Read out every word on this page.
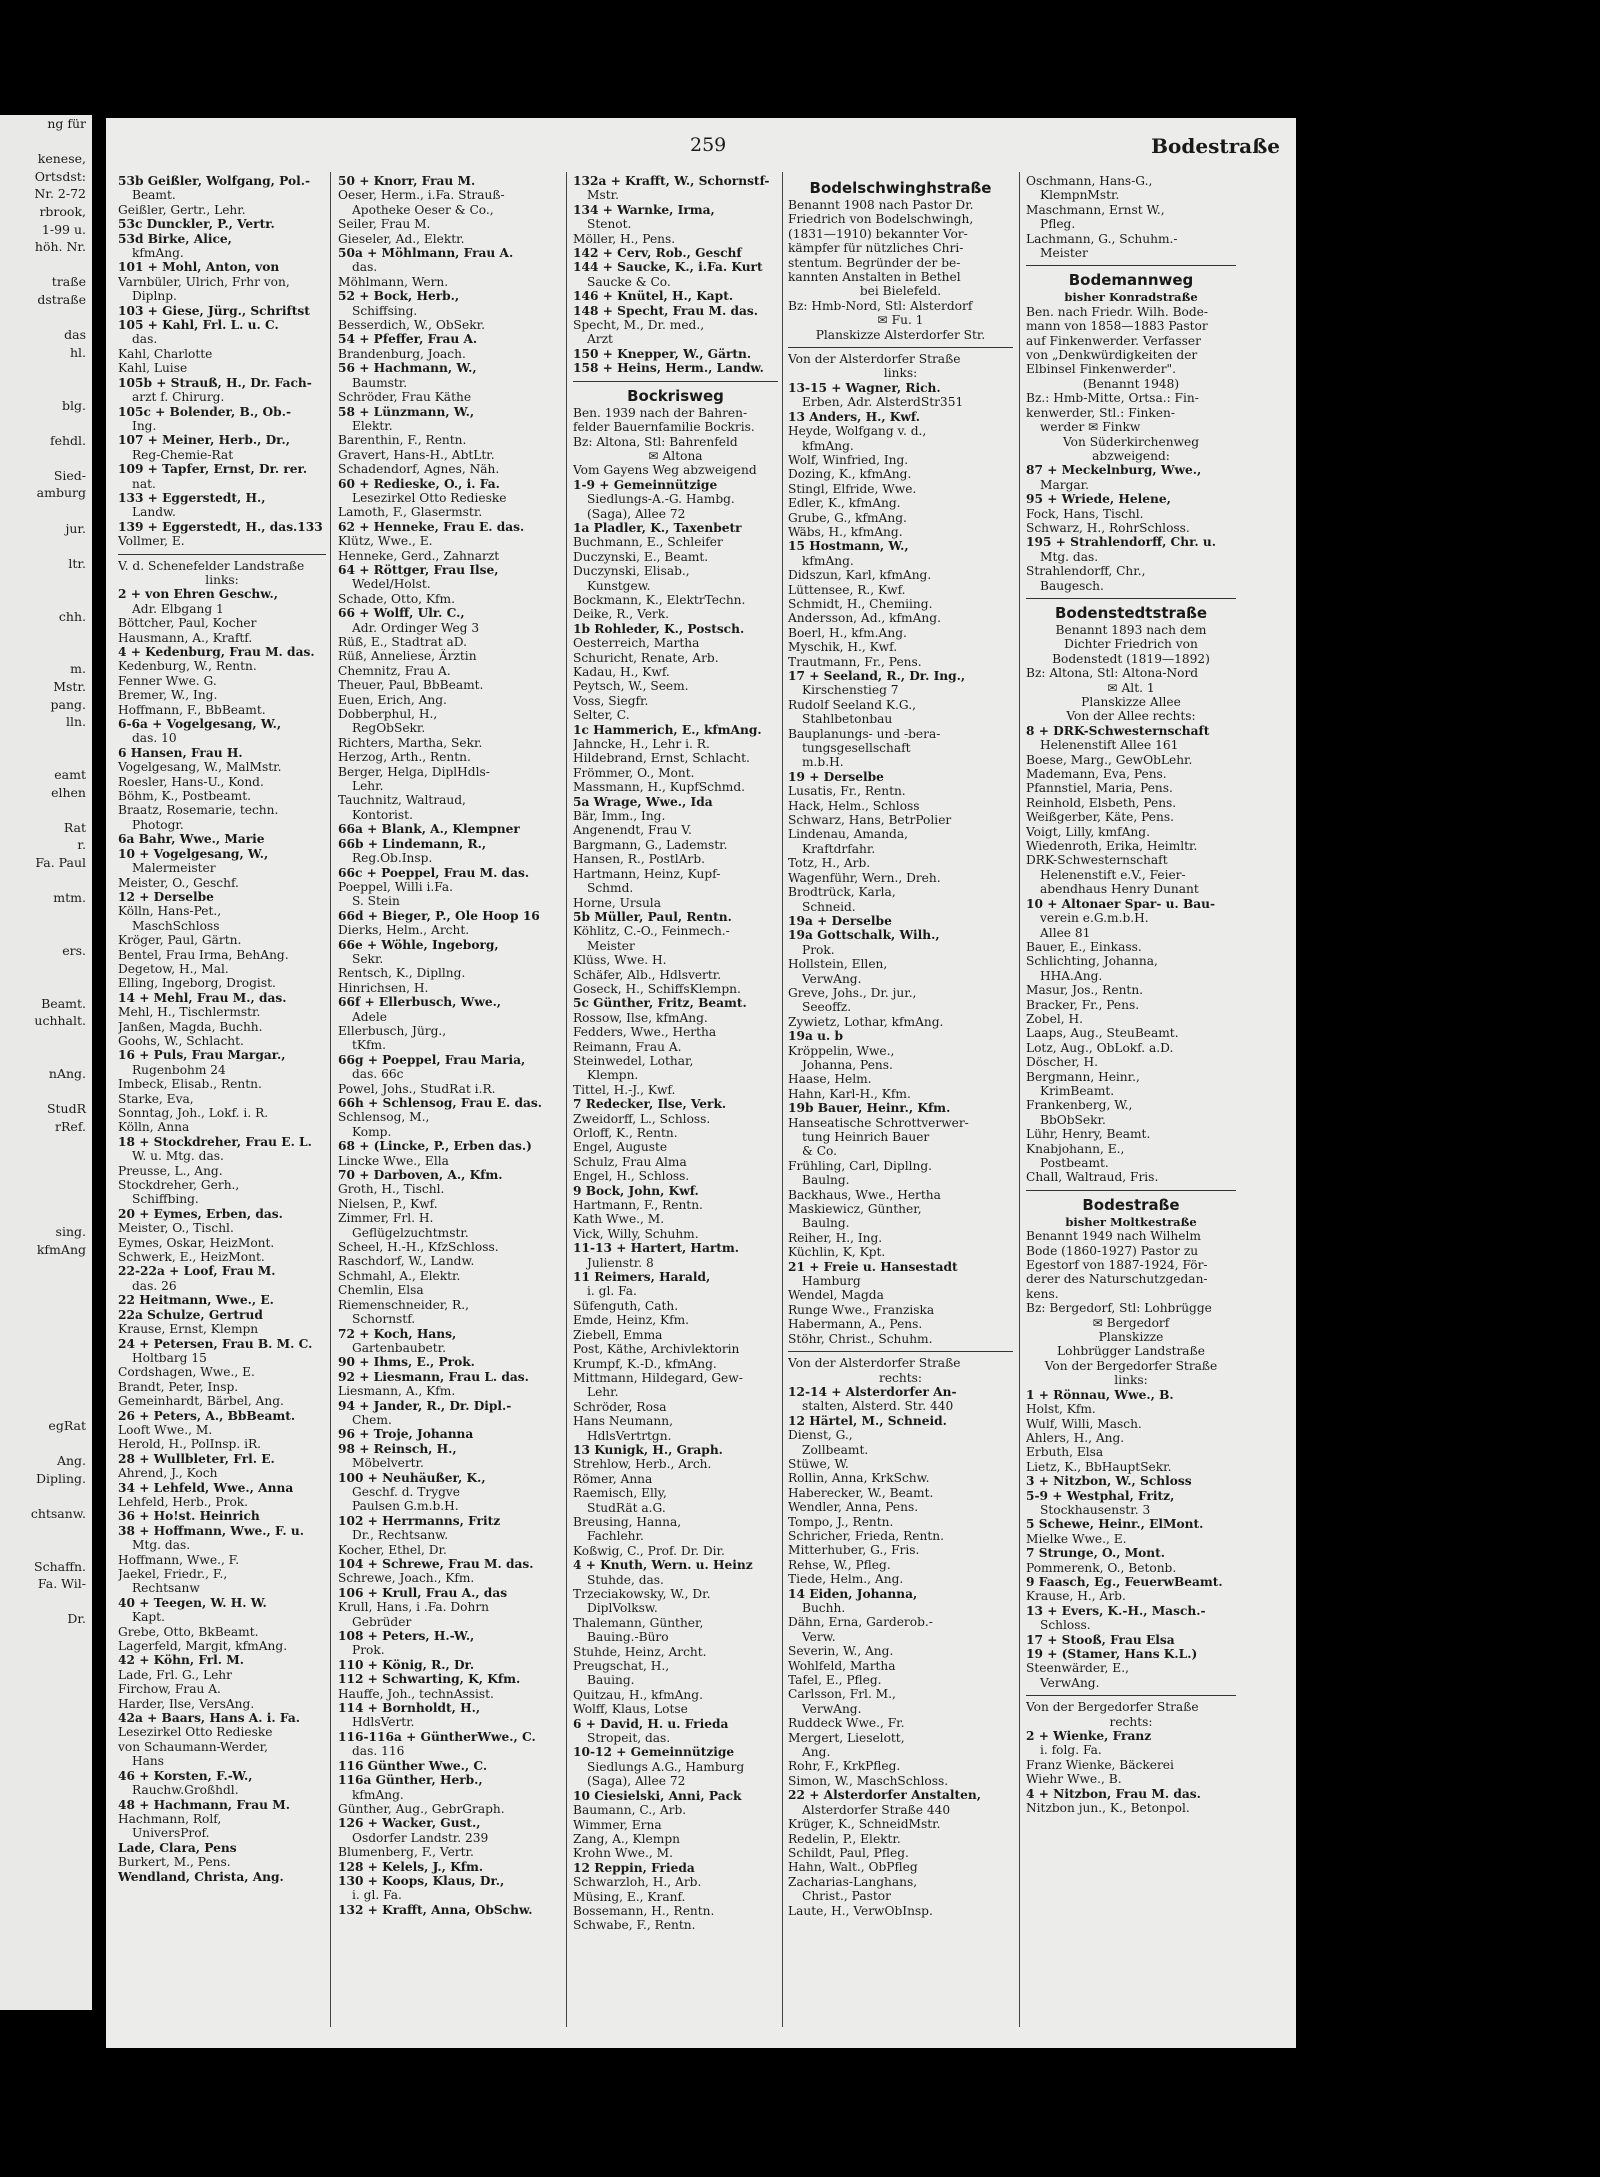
ng für

kenese,
Ortsdst:
Nr. 2-72
rbrook,
1-99 u.
höh. Nr.

traße
dstraße

das
hl.

blg.

fehdl.

Sied-
amburg

jur.

ltr.

chh.

m.
Mstr.
pang.
lln.

eamt
elhen

Rat
r.
Fa. Paul

mtm.

ers.

Beamt.
uchhalt.

nAng.

StudR
rRef.

sing.
kfmAng

egRat

Ang.
Dipling.

chtsanw.

Schaffn.
Fa. Wil-

Dr.
259	Bodestraße
53b Geißler, Wolfgang, Pol.-
Beamt.
Geißler, Gertr., Lehr.
53c Dunckler, P., Vertr.
53d Birke, Alice,
kfmAng.
101 + Mohl, Anton, von
Varnbüler, Ulrich, Frhr von,
Diplnp.
103 + Giese, Jürg., Schriftst
105 + Kahl, Frl. L. u. C.
das.
Kahl, Charlotte
Kahl, Luise
105b + Strauß, H., Dr. Fach-
arzt f. Chirurg.
105c + Bolender, B., Ob.-
Ing.
107 + Meiner, Herb., Dr.,
Reg-Chemie-Rat
109 + Tapfer, Ernst, Dr. rer.
nat.
133 + Eggerstedt, H.,
Landw.
139 + Eggerstedt, H., das.133
Vollmer, E.
V. d. Schenefelder Landstraße
links:
2 + von Ehren Geschw.,
Adr. Elbgang 1
Böttcher, Paul, Kocher
Hausmann, A., Kraftf.
4 + Kedenburg, Frau M. das.
Kedenburg, W., Rentn.
Fenner Wwe. G.
Bremer, W., Ing.
Hoffmann, F., BbBeamt.
6-6a + Vogelgesang, W.,
das. 10
6 Hansen, Frau H.
Vogelgesang, W., MalMstr.
Roesler, Hans-U., Kond.
Böhm, K., Postbeamt.
Braatz, Rosemarie, techn.
Photogr.
6a Bahr, Wwe., Marie
10 + Vogelgesang, W.,
Malermeister
Meister, O., Geschf.
12 + Derselbe
Kölln, Hans-Pet.,
MaschSchloss
Kröger, Paul, Gärtn.
Bentel, Frau Irma, BehAng.
Degetow, H., Mal.
Elling, Ingeborg, Drogist.
14 + Mehl, Frau M., das.
Mehl, H., Tischlermstr.
Janßen, Magda, Buchh.
Goohs, W., Schlacht.
16 + Puls, Frau Margar.,
Rugenbohm 24
Imbeck, Elisab., Rentn.
Starke, Eva,
Sonntag, Joh., Lokf. i. R.
Kölln, Anna
18 + Stockdreher, Frau E. L.
W. u. Mtg. das.
Preusse, L., Ang.
Stockdreher, Gerh.,
Schiffbing.
20 + Eymes, Erben, das.
Meister, O., Tischl.
Eymes, Oskar, HeizMont.
Schwerk, E., HeizMont.
22-22a + Loof, Frau M.
das. 26
22 Heitmann, Wwe., E.
22a Schulze, Gertrud
Krause, Ernst, Klempn
24 + Petersen, Frau B. M. C.
Holtbarg 15
Cordshagen, Wwe., E.
Brandt, Peter, Insp.
Gemeinhardt, Bärbel, Ang.
26 + Peters, A., BbBeamt.
Looft Wwe., M.
Herold, H., PolInsp. iR.
28 + Wullbleter, Frl. E.
Ahrend, J., Koch
34 + Lehfeld, Wwe., Anna
Lehfeld, Herb., Prok.
36 + Ho!st. Heinrich
38 + Hoffmann, Wwe., F. u.
Mtg. das.
Hoffmann, Wwe., F.
Jaekel, Friedr., F.,
Rechtsanw
40 + Teegen, W. H. W.
Kapt.
Grebe, Otto, BkBeamt.
Lagerfeld, Margit, kfmAng.
42 + Köhn, Frl. M.
Lade, Frl. G., Lehr
Firchow, Frau A.
Harder, Ilse, VersAng.
42a + Baars, Hans A. i. Fa.
Lesezirkel Otto Redieske
von Schaumann-Werder,
Hans
46 + Korsten, F.-W.,
Rauchw.Großhdl.
48 + Hachmann, Frau M.
Hachmann, Rolf,
UniversProf.
Lade, Clara, Pens
Burkert, M., Pens.
Wendland, Christa, Ang.
50 + Knorr, Frau M.
Oeser, Herm., i.Fa. Strauß-
Apotheke Oeser & Co.,
Seiler, Frau M.
Gieseler, Ad., Elektr.
50a + Möhlmann, Frau A.
das.
Möhlmann, Wern.
52 + Bock, Herb.,
Schiffsing.
Besserdich, W., ObSekr.
54 + Pfeffer, Frau A.
Brandenburg, Joach.
56 + Hachmann, W.,
Baumstr.
Schröder, Frau Käthe
58 + Lünzmann, W.,
Elektr.
Barenthin, F., Rentn.
Gravert, Hans-H., AbtLtr.
Schadendorf, Agnes, Näh.
60 + Redieske, O., i. Fa.
Lesezirkel Otto Redieske
Lamoth, F., Glasermstr.
62 + Henneke, Frau E. das.
Klütz, Wwe., E.
Henneke, Gerd., Zahnarzt
64 + Röttger, Frau Ilse,
Wedel/Holst.
Schade, Otto, Kfm.
66 + Wolff, Ulr. C.,
Adr. Ordinger Weg 3
Rüß, E., Stadtrat aD.
Rüß, Anneliese, Ärztin
Chemnitz, Frau A.
Theuer, Paul, BbBeamt.
Euen, Erich, Ang.
Dobberphul, H.,
RegObSekr.
Richters, Martha, Sekr.
Herzog, Arth., Rentn.
Berger, Helga, DiplHdls-
Lehr.
Tauchnitz, Waltraud,
Kontorist.
66a + Blank, A., Klempner
66b + Lindemann, R.,
Reg.Ob.Insp.
66c + Poeppel, Frau M. das.
Poeppel, Willi i.Fa.
S. Stein
66d + Bieger, P., Ole Hoop 16
Dierks, Helm., Archt.
66e + Wöhle, Ingeborg,
Sekr.
Rentsch, K., Dipllng.
Hinrichsen, H.
66f + Ellerbusch, Wwe.,
Adele
Ellerbusch, Jürg.,
tKfm.
66g + Poeppel, Frau Maria,
das. 66c
Powel, Johs., StudRat i.R.
66h + Schlensog, Frau E. das.
Schlensog, M.,
Komp.
68 + (Lincke, P., Erben das.)
Lincke Wwe., Ella
70 + Darboven, A., Kfm.
Groth, H., Tischl.
Nielsen, P., Kwf.
Zimmer, Frl. H.
Geflügelzuchtmstr.
Scheel, H.-H., KfzSchloss.
Raschdorf, W., Landw.
Schmahl, A., Elektr.
Chemlin, Elsa
Riemenschneider, R.,
Schornstf.
72 + Koch, Hans,
Gartenbaubetr.
90 + Ihms, E., Prok.
92 + Liesmann, Frau L. das.
Liesmann, A., Kfm.
94 + Jander, R., Dr. Dipl.-
Chem.
96 + Troje, Johanna
98 + Reinsch, H.,
Möbelvertr.
100 + Neuhäußer, K.,
Geschf. d. Trygve
Paulsen G.m.b.H.
102 + Herrmanns, Fritz
Dr., Rechtsanw.
Kocher, Ethel, Dr.
104 + Schrewe, Frau M. das.
Schrewe, Joach., Kfm.
106 + Krull, Frau A., das
Krull, Hans, i .Fa. Dohrn
Gebrüder
108 + Peters, H.-W.,
Prok.
110 + König, R., Dr.
112 + Schwarting, K, Kfm.
Hauffe, Joh., technAssist.
114 + Bornholdt, H.,
HdlsVertr.
116-116a + GüntherWwe., C.
das. 116
116 Günther Wwe., C.
116a Günther, Herb.,
kfmAng.
Günther, Aug., GebrGraph.
126 + Wacker, Gust.,
Osdorfer Landstr. 239
Blumenberg, F., Vertr.
128 + Kelels, J., Kfm.
130 + Koops, Klaus, Dr.,
i. gl. Fa.
132 + Krafft, Anna, ObSchw.
132a + Krafft, W., Schornstf-
Mstr.
134 + Warnke, Irma,
Stenot.
Möller, H., Pens.
142 + Cerv, Rob., Geschf
144 + Saucke, K., i.Fa. Kurt
Saucke & Co.
146 + Knütel, H., Kapt.
148 + Specht, Frau M. das.
Specht, M., Dr. med.,
Arzt
150 + Knepper, W., Gärtn.
158 + Heins, Herm., Landw.
Bockrisweg
Ben. 1939 nach der Bahren-
felder Bauernfamilie Bockris.
Bz: Altona, Stl: Bahrenfeld
✉ Altona
Vom Gayens Weg abzweigend
1-9 + Gemeinnützige
Siedlungs-A.-G. Hambg.
(Saga), Allee 72
1a Pladler, K., Taxenbetr
Buchmann, E., Schleifer
Duczynski, E., Beamt.
Duczynski, Elisab.,
Kunstgew.
Bockmann, K., ElektrTechn.
Deike, R., Verk.
1b Rohleder, K., Postsch.
Oesterreich, Martha
Schuricht, Renate, Arb.
Kadau, H., Kwf.
Peytsch, W., Seem.
Voss, Siegfr.
Selter, C.
1c Hammerich, E., kfmAng.
Jahncke, H., Lehr i. R.
Hildebrand, Ernst, Schlacht.
Frömmer, O., Mont.
Massmann, H., KupfSchmd.
5a Wrage, Wwe., Ida
Bär, Imm., Ing.
Angenendt, Frau V.
Bargmann, G., Lademstr.
Hansen, R., PostlArb.
Hartmann, Heinz, Kupf-
Schmd.
Horne, Ursula
5b Müller, Paul, Rentn.
Köhlitz, C.-O., Feinmech.-
Meister
Klüss, Wwe. H.
Schäfer, Alb., Hdlsvertr.
Goseck, H., SchiffsKlempn.
5c Günther, Fritz, Beamt.
Rossow, Ilse, kfmAng.
Fedders, Wwe., Hertha
Reimann, Frau A.
Steinwedel, Lothar,
Klempn.
Tittel, H.-J., Kwf.
7 Redecker, Ilse, Verk.
Zweidorff, L., Schloss.
Orloff, K., Rentn.
Engel, Auguste
Schulz, Frau Alma
Engel, H., Schloss.
9 Bock, John, Kwf.
Hartmann, F., Rentn.
Kath Wwe., M.
Vick, Willy, Schuhm.
11-13 + Hartert, Hartm.
Julienstr. 8
11 Reimers, Harald,
i. gl. Fa.
Süfenguth, Cath.
Emde, Heinz, Kfm.
Ziebell, Emma
Post, Käthe, Archivlektorin
Krumpf, K.-D., kfmAng.
Mittmann, Hildegard, Gew-
Lehr.
Schröder, Rosa
Hans Neumann,
HdlsVertrtgn.
13 Kunigk, H., Graph.
Strehlow, Herb., Arch.
Römer, Anna
Raemisch, Elly,
StudRät a.G.
Breusing, Hanna,
Fachlehr.
Koßwig, C., Prof. Dr. Dir.
4 + Knuth, Wern. u. Heinz
Stuhde, das.
Trzeciakowsky, W., Dr.
DiplVolksw.
Thalemann, Günther,
Bauing.-Büro
Stuhde, Heinz, Archt.
Preugschat, H.,
Bauing.
Quitzau, H., kfmAng.
Wolff, Klaus, Lotse
6 + David, H. u. Frieda
Stropeit, das.
10-12 + Gemeinnützige
Siedlungs A.G., Hamburg
(Saga), Allee 72
10 Ciesielski, Anni, Pack
Baumann, C., Arb.
Wimmer, Erna
Zang, A., Klempn
Krohn Wwe., M.
12 Reppin, Frieda
Schwarzloh, H., Arb.
Müsing, E., Kranf.
Bossemann, H., Rentn.
Schwabe, F., Rentn.
Bodelschwinghstraße
Benannt 1908 nach Pastor Dr.
Friedrich von Bodelschwingh,
(1831—1910) bekannter Vor-
kämpfer für nützliches Chri-
stentum. Begründer der be-
kannten Anstalten in Bethel
bei Bielefeld.
Bz: Hmb-Nord, Stl: Alsterdorf
✉ Fu. 1
Planskizze Alsterdorfer Str.
Von der Alsterdorfer Straße
links:
13-15 + Wagner, Rich.
Erben, Adr. AlsterdStr351
13 Anders, H., Kwf.
Heyde, Wolfgang v. d.,
kfmAng.
Wolf, Winfried, Ing.
Dozing, K., kfmAng.
Stingl, Elfride, Wwe.
Edler, K., kfmAng.
Grube, G., kfmAng.
Wäbs, H., kfmAng.
15 Hostmann, W.,
kfmAng.
Didszun, Karl, kfmAng.
Lüttensee, R., Kwf.
Schmidt, H., Chemiing.
Andersson, Ad., kfmAng.
Boerl, H., kfm.Ang.
Myschik, H., Kwf.
Trautmann, Fr., Pens.
17 + Seeland, R., Dr. Ing.,
Kirschenstieg 7
Rudolf Seeland K.G.,
Stahlbetonbau
Bauplanungs- und -bera-
tungsgesellschaft
m.b.H.
19 + Derselbe
Lusatis, Fr., Rentn.
Hack, Helm., Schloss
Schwarz, Hans, BetrPolier
Lindenau, Amanda,
Kraftdrfahr.
Totz, H., Arb.
Wagenführ, Wern., Dreh.
Brodtrück, Karla,
Schneid.
19a + Derselbe
19a Gottschalk, Wilh.,
Prok.
Hollstein, Ellen,
VerwAng.
Greve, Johs., Dr. jur.,
Seeoffz.
Zywietz, Lothar, kfmAng.
19a u. b
Kröppelin, Wwe.,
Johanna, Pens.
Haase, Helm.
Hahn, Karl-H., Kfm.
19b Bauer, Heinr., Kfm.
Hanseatische Schrottverwer-
tung Heinrich Bauer
& Co.
Frühling, Carl, Dipllng.
Baulng.
Backhaus, Wwe., Hertha
Maskiewicz, Günther,
Baulng.
Reiher, H., Ing.
Küchlin, K, Kpt.
21 + Freie u. Hansestadt
Hamburg
Wendel, Magda
Runge Wwe., Franziska
Habermann, A., Pens.
Stöhr, Christ., Schuhm.
Von der Alsterdorfer Straße
rechts:
12-14 + Alsterdorfer An-
stalten, Alsterd. Str. 440
12 Härtel, M., Schneid.
Dienst, G.,
Zollbeamt.
Stüwe, W.
Rollin, Anna, KrkSchw.
Haberecker, W., Beamt.
Wendler, Anna, Pens.
Tompo, J., Rentn.
Schricher, Frieda, Rentn.
Mitterhuber, G., Fris.
Rehse, W., Pfleg.
Tiede, Helm., Ang.
14 Eiden, Johanna,
Buchh.
Dähn, Erna, Garderob.-
Verw.
Severin, W., Ang.
Wohlfeld, Martha
Tafel, E., Pfleg.
Carlsson, Frl. M.,
VerwAng.
Ruddeck Wwe., Fr.
Mergert, Lieselott,
Ang.
Rohr, F., KrkPfleg.
Simon, W., MaschSchloss.
22 + Alsterdorfer Anstalten,
Alsterdorfer Straße 440
Krüger, K., SchneidMstr.
Redelin, P., Elektr.
Schildt, Paul, Pfleg.
Hahn, Walt., ObPfleg
Zacharias-Langhans,
Christ., Pastor
Laute, H., VerwObInsp.
Oschmann, Hans-G.,
KlempnMstr.
Maschmann, Ernst W.,
Pfleg.
Lachmann, G., Schuhm.-
Meister
Bodemannweg
bisher Konradstraße
Ben. nach Friedr. Wilh. Bode-
mann von 1858—1883 Pastor
auf Finkenwerder. Verfasser
von „Denkwürdigkeiten der
Elbinsel Finkenwerder".
(Benannt 1948)
Bz.: Hmb-Mitte, Ortsa.: Fin-
kenwerder, Stl.: Finken-
werder ✉ Finkw
Von Süderkirchenweg
abzweigend:
87 + Meckelnburg, Wwe.,
Margar.
95 + Wriede, Helene,
Fock, Hans, Tischl.
Schwarz, H., RohrSchloss.
195 + Strahlendorff, Chr. u.
Mtg. das.
Strahlendorff, Chr.,
Baugesch.
Bodenstedtstraße
Benannt 1893 nach dem
Dichter Friedrich von
Bodenstedt (1819—1892)
Bz: Altona, Stl: Altona-Nord
✉ Alt. 1
Planskizze Allee
Von der Allee rechts:
8 + DRK-Schwesternschaft
Helenenstift Allee 161
Boese, Marg., GewObLehr.
Mademann, Eva, Pens.
Pfannstiel, Maria, Pens.
Reinhold, Elsbeth, Pens.
Weißgerber, Käte, Pens.
Voigt, Lilly, kmfAng.
Wiedenroth, Erika, Heimltr.
DRK-Schwesternschaft
Helenenstift e.V., Feier-
abendhaus Henry Dunant
10 + Altonaer Spar- u. Bau-
verein e.G.m.b.H.
Allee 81
Bauer, E., Einkass.
Schlichting, Johanna,
HHA.Ang.
Masur, Jos., Rentn.
Bracker, Fr., Pens.
Zobel, H.
Laaps, Aug., SteuBeamt.
Lotz, Aug., ObLokf. a.D.
Döscher, H.
Bergmann, Heinr.,
KrimBeamt.
Frankenberg, W.,
BbObSekr.
Lühr, Henry, Beamt.
Knabjohann, E.,
Postbeamt.
Chall, Waltraud, Fris.
Bodestraße
bisher Moltkestraße
Benannt 1949 nach Wilhelm
Bode (1860-1927) Pastor zu
Egestorf von 1887-1924, För-
derer des Naturschutzgedan-
kens.
Bz: Bergedorf, Stl: Lohbrügge
✉ Bergedorf
Planskizze
Lohbrügger Landstraße
Von der Bergedorfer Straße
links:
1 + Rönnau, Wwe., B.
Holst, Kfm.
Wulf, Willi, Masch.
Ahlers, H., Ang.
Erbuth, Elsa
Lietz, K., BbHauptSekr.
3 + Nitzbon, W., Schloss
5-9 + Westphal, Fritz,
Stockhausenstr. 3
5 Schewe, Heinr., ElMont.
Mielke Wwe., E.
7 Strunge, O., Mont.
Pommerenk, O., Betonb.
9 Faasch, Eg., FeuerwBeamt.
Krause, H., Arb.
13 + Evers, K.-H., Masch.-
Schloss.
17 + Stooß, Frau Elsa
19 + (Stamer, Hans K.L.)
Steenwärder, E.,
VerwAng.
Von der Bergedorfer Straße
rechts:
2 + Wienke, Franz
i. folg. Fa.
Franz Wienke, Bäckerei
Wiehr Wwe., B.
4 + Nitzbon, Frau M. das.
Nitzbon jun., K., Betonpol.
